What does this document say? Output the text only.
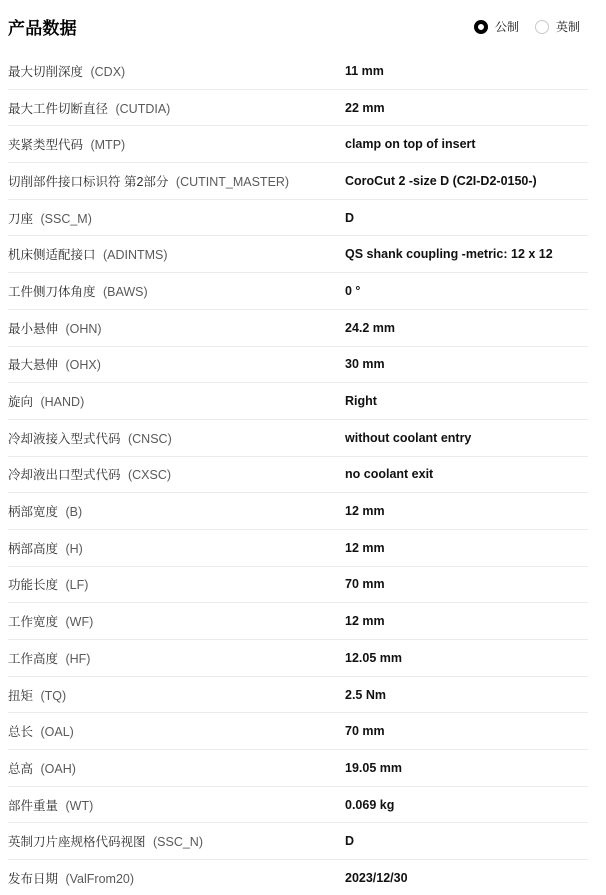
产品数据	公制	英制
最大切削深度 (CDX)	11 mm
最大工件切断直径 (CUTDIA)	22 mm
夹紧类型代码 (MTP)	clamp on top of insert
切削部件接口标识符 第2部分 (CUTINT_MASTER)	CoroCut 2 -size D (C2I-D2-0150-)
刀座 (SSC_M)	D
机床侧适配接口 (ADINTMS)	QS shank coupling -metric: 12 x 12
工件侧刀体角度 (BAWS)	0 °
最小悬伸 (OHN)	24.2 mm
最大悬伸 (OHX)	30 mm
旋向 (HAND)	Right
冷却液接入型式代码 (CNSC)	without coolant entry
冷却液出口型式代码 (CXSC)	no coolant exit
柄部宽度 (B)	12 mm
柄部高度 (H)	12 mm
功能长度 (LF)	70 mm
工作宽度 (WF)	12 mm
工作高度 (HF)	12.05 mm
扭矩 (TQ)	2.5 Nm
总长 (OAL)	70 mm
总高 (OAH)	19.05 mm
部件重量 (WT)	0.069 kg
英制刀片座规格代码视图 (SSC_N)	D
发布日期 (ValFrom20)	2023/12/30
